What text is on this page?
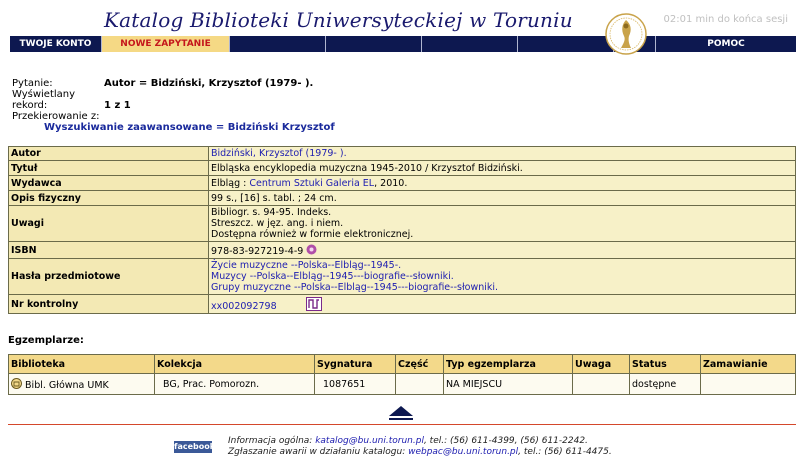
Katalog Biblioteki Uniwersyteckiej w Toruniu	02:01 min do końca sesji
TWOJE KONTO	NOWE ZAPYTANIE	POMOC
Pytanie:	Autor = Bidziński, Krzysztof (1979- ).
Wyświetlany rekord:	1 z 1
Przekierowanie z:
Wyszukiwanie zaawansowane = Bidziński Krzysztof
Autor	Bidziński, Krzysztof (1979- ).
Tytuł	Elbląska encyklopedia muzyczna 1945-2010 / Krzysztof Bidziński.
Wydawca	Elbląg : Centrum Sztuki Galeria EL, 2010.
Opis fizyczny	99 s., [16] s. tabl. ; 24 cm.
Uwagi	Bibliogr. s. 94-95. Indeks.
Streszcz. w jęz. ang. i niem.
Dostępna również w formie elektronicznej.

ISBN	978-83-927219-4-9
Hasła przedmiotowe	Życie muzyczne --Polska--Elbląg--1945-.
Muzycy --Polska--Elbląg--1945---biografie--słowniki.
Grupy muzyczne --Polska--Elbląg--1945---biografie--słowniki.

Nr kontrolny	xx002092798
Egzemplarze:
Biblioteka	Kolekcja	Sygnatura	Część	Typ egzemplarza	Uwaga	Status	Zamawianie
Bibl. Główna UMK	BG, Prac. Pomorozn.	1087651		NA MIEJSCU		dostępne	
facebook
Informacja ogólna: katalog@bu.uni.torun.pl, tel.: (56) 611-4399, (56) 611-2242.
Zgłaszanie awarii w działaniu katalogu: webpac@bu.uni.torun.pl, tel.: (56) 611-4475.
